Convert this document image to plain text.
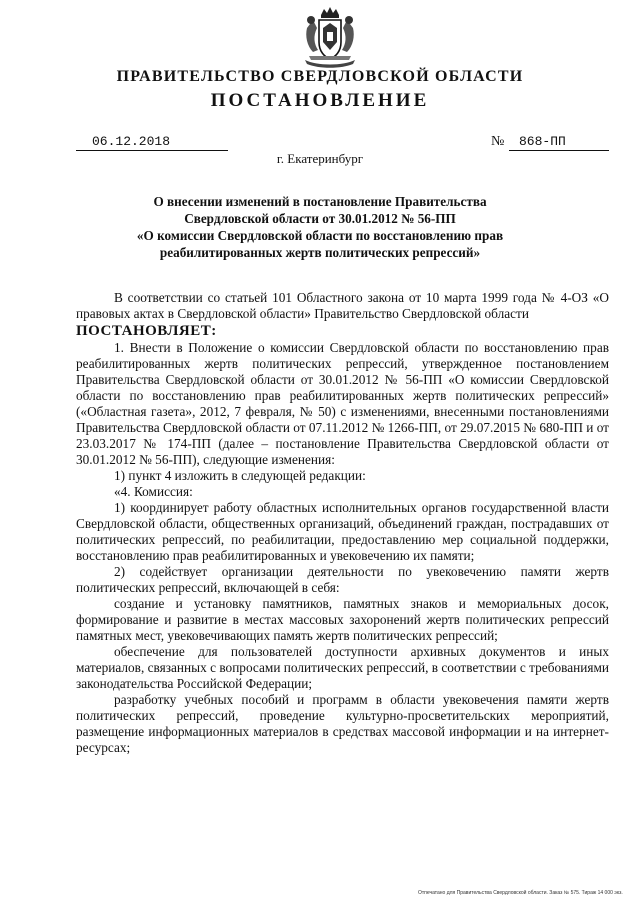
ПРАВИТЕЛЬСТВО СВЕРДЛОВСКОЙ ОБЛАСТИ
ПОСТАНОВЛЕНИЕ
06.12.2018	№ 868-ПП
г. Екатеринбург
О внесении изменений в постановление Правительства
Свердловской области от 30.01.2012 № 56-ПП
«О комиссии Свердловской области по восстановлению прав
реабилитированных жертв политических репрессий»

В соответствии со статьей 101 Областного закона от 10 марта 1999 года № 4-ОЗ «О правовых актах в Свердловской области» Правительство Свердловской области

ПОСТАНОВЛЯЕТ:

1. Внести в Положение о комиссии Свердловской области по восстановлению прав реабилитированных жертв политических репрессий, утвержденное постановлением Правительства Свердловской области от 30.01.2012 № 56-ПП «О комиссии Свердловской области по восстановлению прав реабилитированных жертв политических репрессий» («Областная газета», 2012, 7 февраля, № 50) с изменениями, внесенными постановлениями Правительства Свердловской области от 07.11.2012 № 1266-ПП, от 29.07.2015 № 680-ПП и от 23.03.2017 № 174-ПП (далее – постановление Правительства Свердловской области от 30.01.2012 № 56-ПП), следующие изменения:

1) пункт 4 изложить в следующей редакции:

«4. Комиссия:

1) координирует работу областных исполнительных органов государственной власти Свердловской области, общественных организаций, объединений граждан, пострадавших от политических репрессий, по реабилитации, предоставлению мер социальной поддержки, восстановлению прав реабилитированных и увековечению их памяти;

2) содействует организации деятельности по увековечению памяти жертв политических репрессий, включающей в себя:

создание и установку памятников, памятных знаков и мемориальных досок, формирование и развитие в местах массовых захоронений жертв политических репрессий памятных мест, увековечивающих память жертв политических репрессий;

обеспечение для пользователей доступности архивных документов и иных материалов, связанных с вопросами политических репрессий, в соответствии с требованиями законодательства Российской Федерации;

разработку учебных пособий и программ в области увековечения памяти жертв политических репрессий, проведение культурно-просветительских мероприятий, размещение информационных материалов в средствах массовой информации и на интернет-ресурсах;

Отпечатано для Правительства Свердловской области. Заказ № 575. Тираж 14 000 экз.
